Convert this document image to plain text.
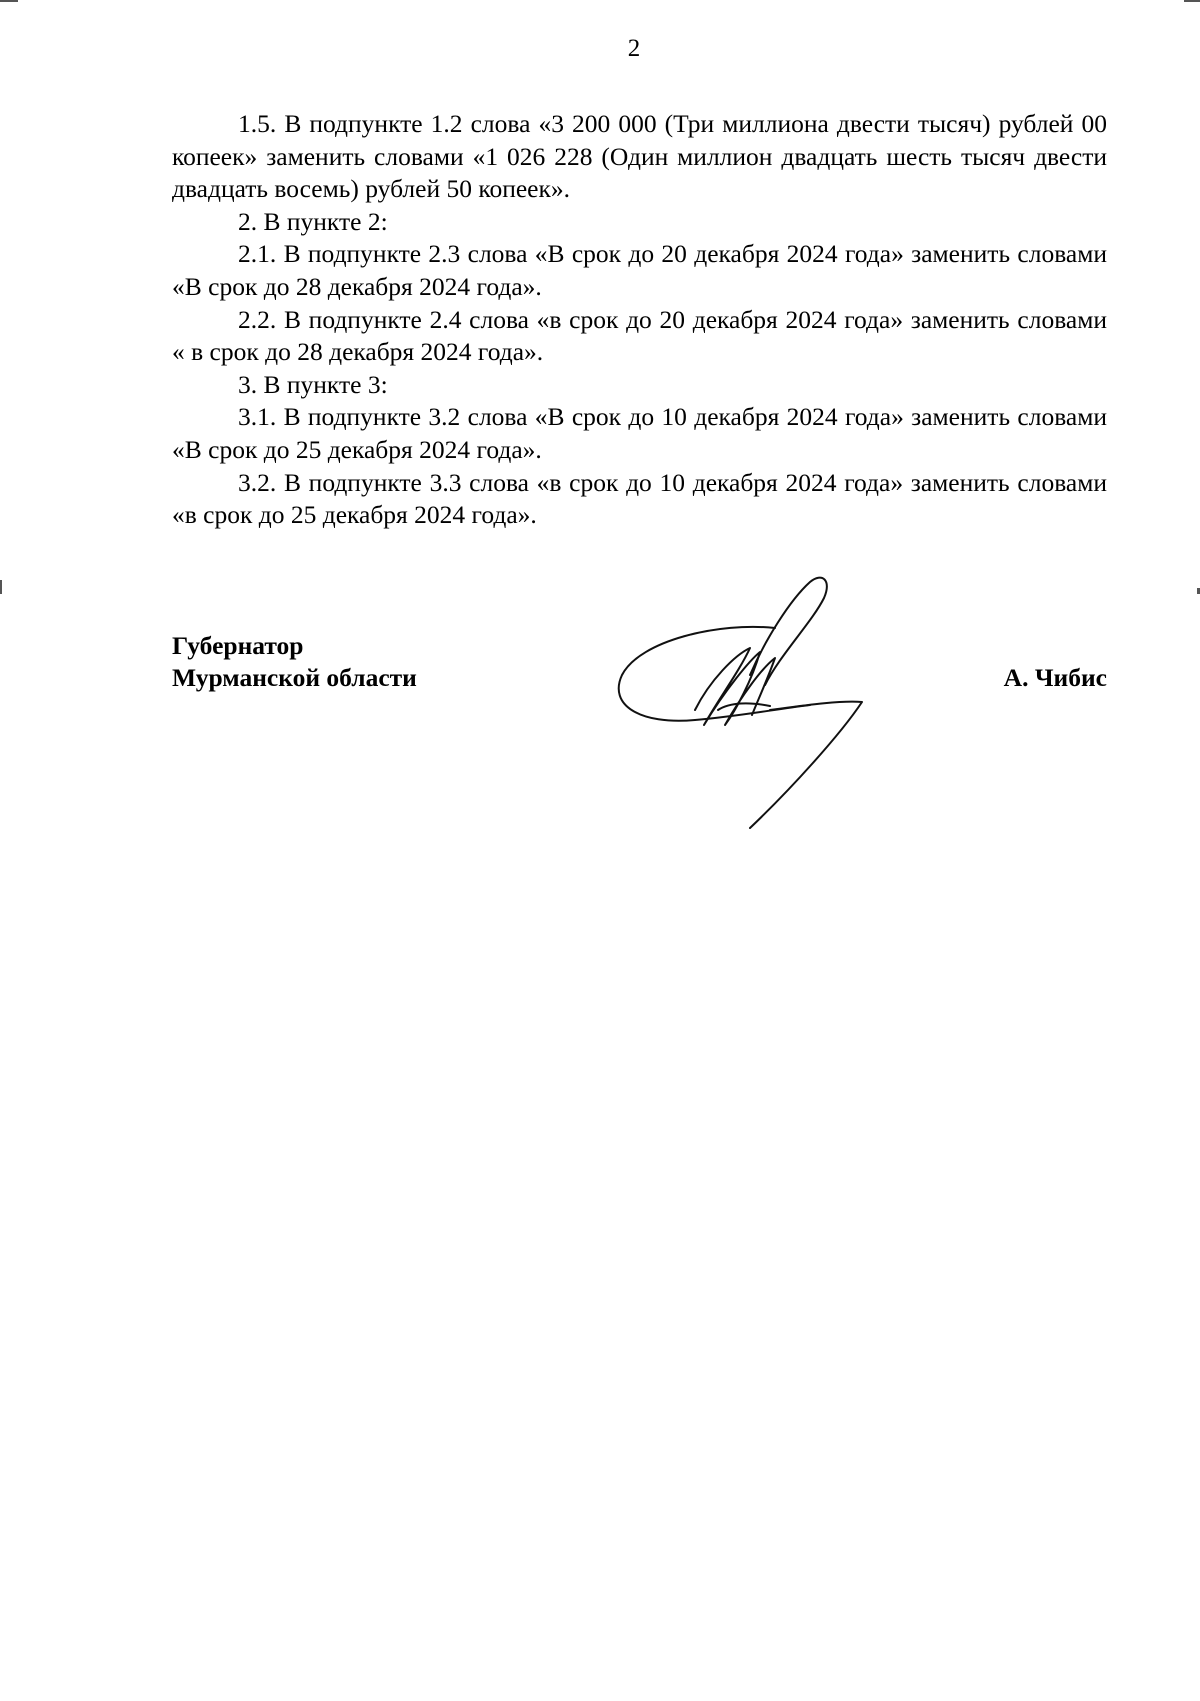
2

1.5. В подпункте 1.2 слова «3 200 000 (Три миллиона двести тысяч) рублей 00 копеек» заменить словами «1 026 228 (Один миллион двадцать шесть тысяч двести двадцать восемь) рублей 50 копеек».

2. В пункте 2:

2.1. В подпункте 2.3 слова «В срок до 20 декабря 2024 года» заменить словами «В срок до 28 декабря 2024 года».

2.2. В подпункте 2.4 слова «в срок до 20 декабря 2024 года» заменить словами « в срок до 28 декабря 2024 года».

3. В пункте 3:

3.1. В подпункте 3.2 слова «В срок до 10 декабря 2024 года» заменить словами «В срок до 25 декабря 2024 года».

3.2. В подпункте 3.3 слова «в срок до 10 декабря 2024 года» заменить словами «в срок до 25 декабря 2024 года».

Губернатор
Мурманской области	А. Чибис
